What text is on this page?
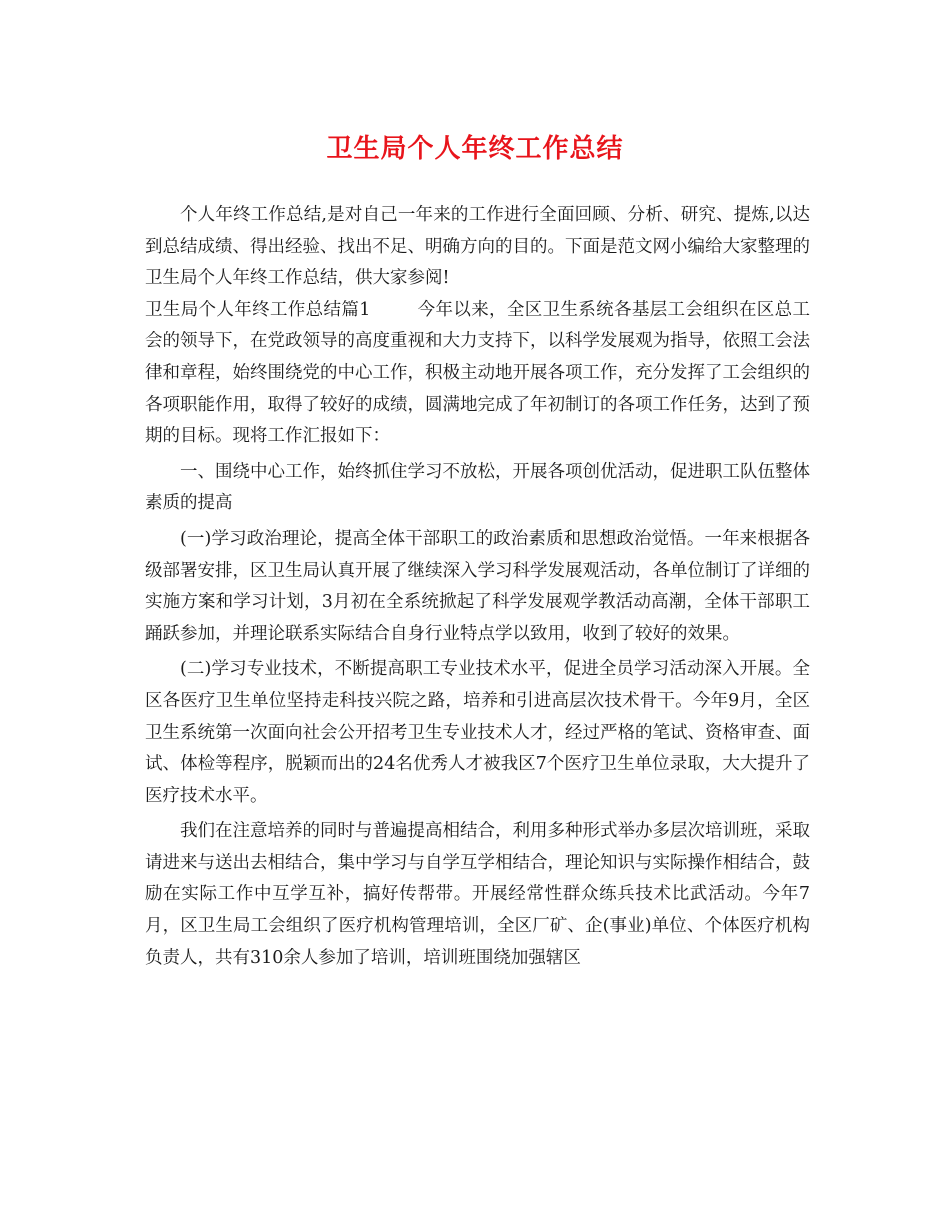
卫生局个人年终工作总结

个人年终工作总结,是对自己一年来的工作进行全面回顾、分析、研究、提炼,以达到总结成绩、得出经验、找出不足、明确方向的目的。下面是范文网小编给大家整理的卫生局个人年终工作总结，供大家参阅!

卫生局个人年终工作总结篇1	今年以来，全区卫生系统各基层工会组织在区总工会的领导下，在党政领导的高度重视和大力支持下，以科学发展观为指导，依照工会法律和章程，始终围绕党的中心工作，积极主动地开展各项工作，充分发挥了工会组织的各项职能作用，取得了较好的成绩，圆满地完成了年初制订的各项工作任务，达到了预期的目标。现将工作汇报如下：

一、围绕中心工作，始终抓住学习不放松，开展各项创优活动，促进职工队伍整体素质的提高

(一)学习政治理论，提高全体干部职工的政治素质和思想政治觉悟。一年来根据各级部署安排，区卫生局认真开展了继续深入学习科学发展观活动，各单位制订了详细的实施方案和学习计划，3月初在全系统掀起了科学发展观学教活动高潮，全体干部职工踊跃参加，并理论联系实际结合自身行业特点学以致用，收到了较好的效果。

(二)学习专业技术，不断提高职工专业技术水平，促进全员学习活动深入开展。全区各医疗卫生单位坚持走科技兴院之路，培养和引进高层次技术骨干。今年9月，全区卫生系统第一次面向社会公开招考卫生专业技术人才，经过严格的笔试、资格审查、面试、体检等程序，脱颖而出的24名优秀人才被我区7个医疗卫生单位录取，大大提升了医疗技术水平。

我们在注意培养的同时与普遍提高相结合，利用多种形式举办多层次培训班，采取请进来与送出去相结合，集中学习与自学互学相结合，理论知识与实际操作相结合，鼓励在实际工作中互学互补，搞好传帮带。开展经常性群众练兵技术比武活动。今年7月，区卫生局工会组织了医疗机构管理培训，全区厂矿、企(事业)单位、个体医疗机构负责人，共有310余人参加了培训，培训班围绕加强辖区
